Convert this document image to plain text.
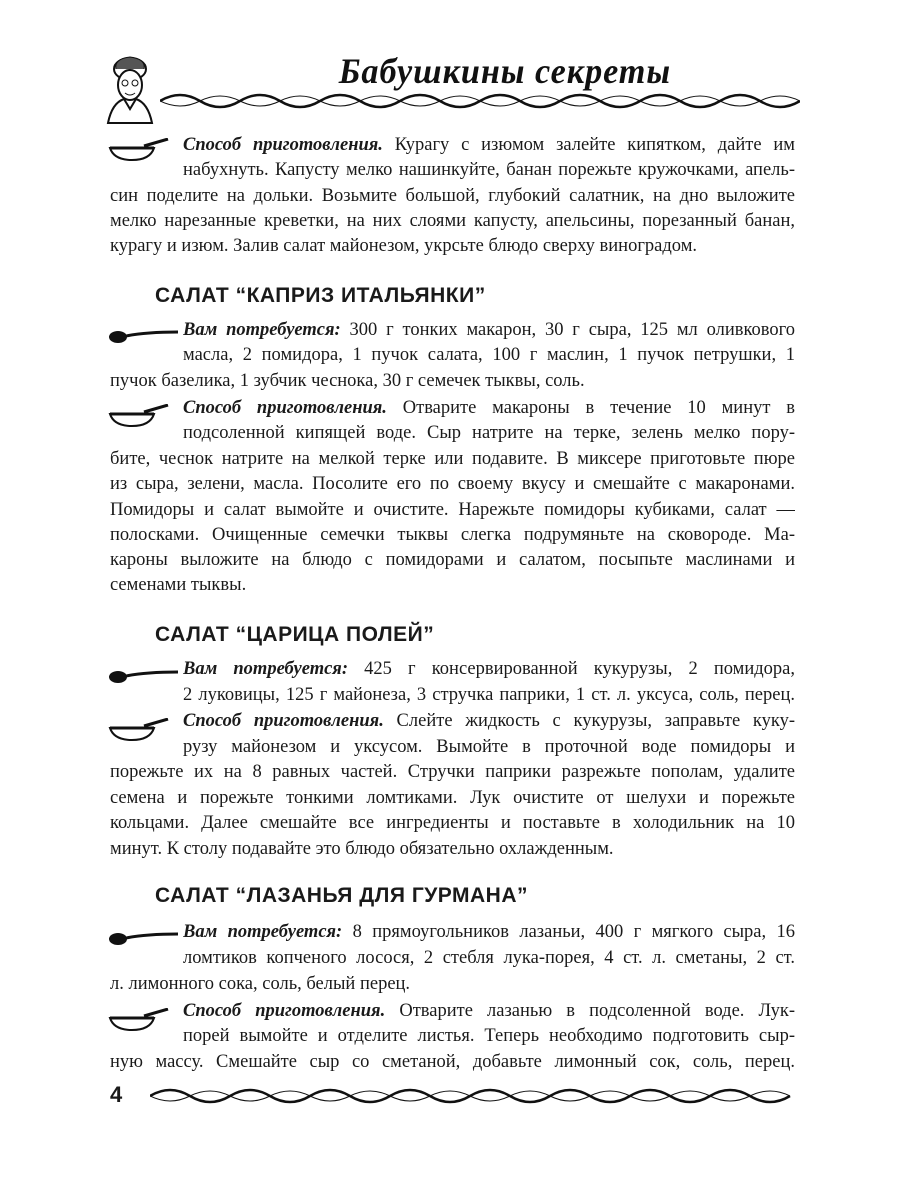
Бабушкины секреты
Способ приготовления. Курагу с изюмом залейте кипятком, дайте им
набухнуть. Капусту мелко нашинкуйте, банан порежьте кружочками, апель-
син поделите на дольки. Возьмите большой, глубокий салатник, на дно выложите
мелко нарезанные креветки, на них слоями капусту, апельсины, порезанный банан,
курагу и изюм. Залив салат майонезом, укрсьте блюдо сверху виноградом.
САЛАТ “КАПРИЗ ИТАЛЬЯНКИ”
Вам потребуется: 300 г тонких макарон, 30 г сыра, 125 мл оливкового
масла, 2 помидора, 1 пучок салата, 100 г маслин, 1 пучок петрушки, 1
пучок базелика, 1 зубчик чеснока, 30 г семечек тыквы, соль.
Способ приготовления. Отварите макароны в течение 10 минут в
подсоленной кипящей воде. Сыр натрите на терке, зелень мелко пору-
бите, чеснок натрите на мелкой терке или подавите. В миксере приготовьте пюре
из сыра, зелени, масла. Посолите его по своему вкусу и смешайте с макаронами.
Помидоры и салат вымойте и очистите. Нарежьте помидоры кубиками, салат —
полосками. Очищенные семечки тыквы слегка подрумяньте на сковороде. Ма-
кароны выложите на блюдо с помидорами и салатом, посыпьте маслинами и
семенами тыквы.
САЛАТ “ЦАРИЦА ПОЛЕЙ”
Вам потребуется: 425 г консервированной кукурузы, 2 помидора,
2 луковицы, 125 г майонеза, 3 стручка паприки, 1 ст. л. уксуса, соль, перец.
Способ приготовления. Слейте жидкость с кукурузы, заправьте куку-
рузу майонезом и уксусом. Вымойте в проточной воде помидоры и
порежьте их на 8 равных частей. Стручки паприки разрежьте пополам, удалите
семена и порежьте тонкими ломтиками. Лук очистите от шелухи и порежьте
кольцами. Далее смешайте все ингредиенты и поставьте в холодильник на 10
минут. К столу подавайте это блюдо обязательно охлажденным.
САЛАТ “ЛАЗАНЬЯ ДЛЯ ГУРМАНА”
Вам потребуется: 8 прямоугольников лазаньи, 400 г мягкого сыра, 16
ломтиков копченого лосося, 2 стебля лука-порея, 4 ст. л. сметаны, 2 ст.
л. лимонного сока, соль, белый перец.
Способ приготовления. Отварите лазанью в подсоленной воде. Лук-
порей вымойте и отделите листья. Теперь необходимо подготовить сыр-
ную массу. Смешайте сыр со сметаной, добавьте лимонный сок, соль, перец.
4
